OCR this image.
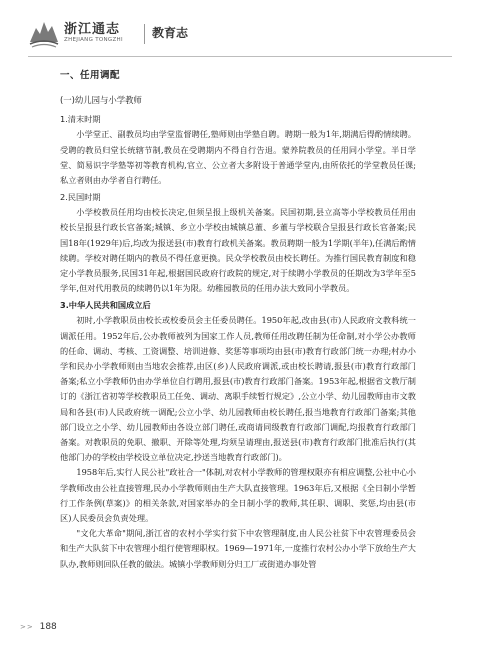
浙江通志
ZHEJIANG TONGZHI 教育志
一、任用调配
(一)幼儿园与小学教师
1.清末时期

小学堂正、副教员均由学堂监督聘任,塾师则由学塾自聘。聘期一般为1年,期满后得酌情续聘。受聘的教员归堂长统辖节制,教员在受聘期内不得自行告退。蒙养院教员的任用同小学堂。半日学堂、简易识字学塾等初等教育机构,官立、公立者大多附设于普通学堂内,由所依托的学堂教员任课;私立者则由办学者自行聘任。

2.民国时期

小学校教员任用均由校长决定,但须呈报上级机关备案。民国初期,县立高等小学校教员任用由校长呈报县行政长官备案;城镇、乡立小学校由城镇总董、乡董与学校联合呈报县行政长官备案;民国18年(1929年)后,均改为报送县(市)教育行政机关备案。教员聘期一般为1学期(半年),任满后酌情续聘。学校对聘任期内的教员不得任意更换。民众学校教员由校长聘任。为推行国民教育制度和稳定小学教员服务,民国31年起,根据国民政府行政院的规定,对于续聘小学教员的任期改为3学年至5学年,但对代用教员的续聘仍以1年为限。幼稚园教员的任用办法大致同小学教员。

3.中华人民共和国成立后

初时,小学教职员由校长或校委员会主任委员聘任。1950年起,改由县(市)人民政府文教科统一调派任用。1952年后,公办教师被列为国家工作人员,教师任用改聘任制为任命制,对小学公办教师的任命、调动、考核、工资调整、培训进修、奖惩等事项均由县(市)教育行政部门统一办理;村办小学和民办小学教师则由当地农会推荐,由区(乡)人民政府调派,或由校长聘请,报县(市)教育行政部门备案;私立小学教师仍由办学单位自行聘用,报县(市)教育行政部门备案。1953年起,根据省文教厅制订的《浙江省初等学校教职员工任免、调动、离职手续暂行规定》,公立小学、幼儿园教师由市文教局和各县(市)人民政府统一调配;公立小学、幼儿园教师由校长聘任,报当地教育行政部门备案;其他部门设立之小学、幼儿园教师由各设立部门聘任,或商请同级教育行政部门调配,均报教育行政部门备案。对教职员的免职、撤职、开除等处理,均须呈请理由,报送县(市)教育行政部门批准后执行(其他部门办的学校由学校设立单位决定,抄送当地教育行政部门)。

1958年后,实行人民公社"政社合一"体制,对农村小学教师的管理权限亦有相应调整,公社中心小学教师改由公社直接管理,民办小学教师则由生产大队直接管理。1963年后,又根据《全日制小学暂行工作条例(草案)》的相关条款,对国家举办的全日制小学的教师,其任职、调职、奖惩,均由县(市区)人民委员会负责处理。

"文化大革命"期间,浙江省的农村小学实行贫下中农管理制度,由人民公社贫下中农管理委员会和生产大队贫下中农管理小组行使管理职权。1969—1971年,一度推行农村公办小学下放给生产大队办,教师则回队任教的做法。城镇小学教师则分归工厂或街道办事处管

>> 188
